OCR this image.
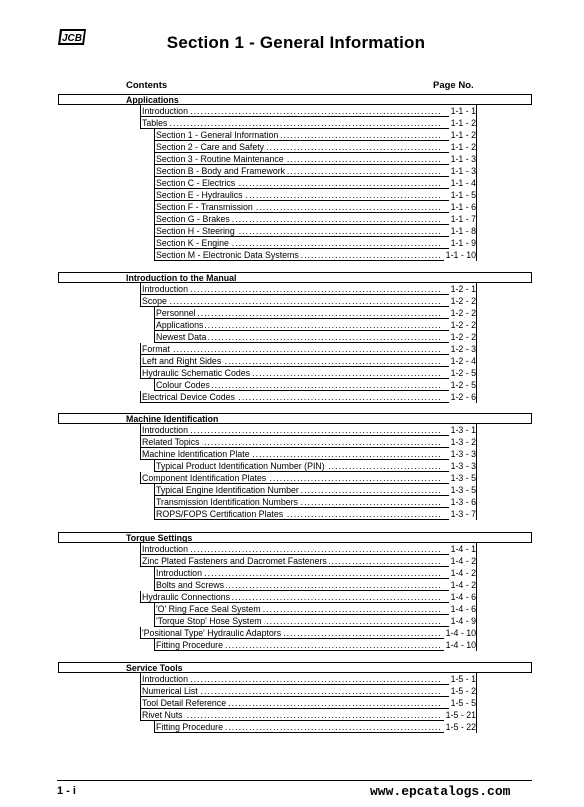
JCB	Section 1 - General Information
Contents	Page No.
Applications
Introduction .....	1-1 - 1
Tables .....	1-1 - 2
Section 1 - General Information .....	1-1 - 2
Section 2 - Care and Safety .....	1-1 - 2
Section 3 - Routine Maintenance .....	1-1 - 3
Section B - Body and Framework .....	1-1 - 3
Section C - Electrics .....	1-1 - 4
Section E - Hydraulics .....	1-1 - 5
Section F - Transmission .....	1-1 - 6
Section G - Brakes .....	1-1 - 7
Section H - Steering .....	1-1 - 8
Section K - Engine .....	1-1 - 9
Section M - Electronic Data Systems .....	1-1 - 10
Introduction to the Manual
Introduction .....	1-2 - 1
Scope .....	1-2 - 2
Personnel .....	1-2 - 2
Applications .....	1-2 - 2
Newest Data .....	1-2 - 2
Format .....	1-2 - 3
Left and Right Sides .....	1-2 - 4
Hydraulic Schematic Codes .....	1-2 - 5
Colour Codes .....	1-2 - 5
Electrical Device Codes .....	1-2 - 6
Machine Identification
Introduction .....	1-3 - 1
Related Topics .....	1-3 - 2
Machine Identification Plate .....	1-3 - 3
Typical Product Identification Number (PIN) .....	1-3 - 3
Component Identification Plates .....	1-3 - 5
Typical Engine Identification Number .....	1-3 - 5
Transmission Identification Numbers .....	1-3 - 6
ROPS/FOPS Certification Plates .....	1-3 - 7
Torque Settings
Introduction .....	1-4 - 1
Zinc Plated Fasteners and Dacromet Fasteners .....	1-4 - 2
Introduction .....	1-4 - 2
Bolts and Screws .....	1-4 - 2
Hydraulic Connections .....	1-4 - 6
'O' Ring Face Seal System .....	1-4 - 6
'Torque Stop' Hose System .....	1-4 - 9
'Positional Type' Hydraulic Adaptors .....	1-4 - 10
Fitting Procedure .....	1-4 - 10
Service Tools
Introduction .....	1-5 - 1
Numerical List .....	1-5 - 2
Tool Detail Reference .....	1-5 - 5
Rivet Nuts .....	1-5 - 21
Fitting Procedure .....	1-5 - 22
1 - i	www.epcatalogs.com
